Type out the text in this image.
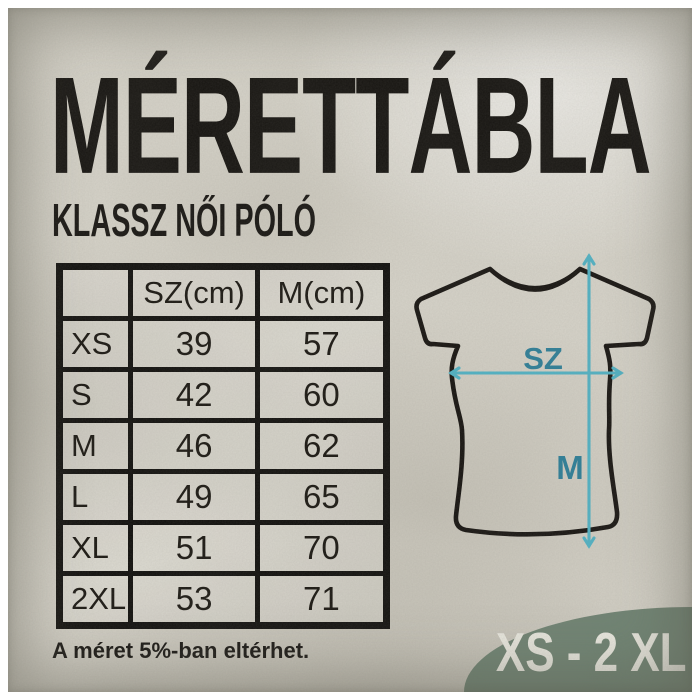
MÉRETTÁBLA
KLASSZ NŐI PÓLÓ
	SZ(cm)	M(cm)
XS	39	57
S	42	60
M	46	62
L	49	65
XL	51	70
2XL	53	71
SZ
M

A méret 5%-ban eltérhet.	XS - 2 XL
